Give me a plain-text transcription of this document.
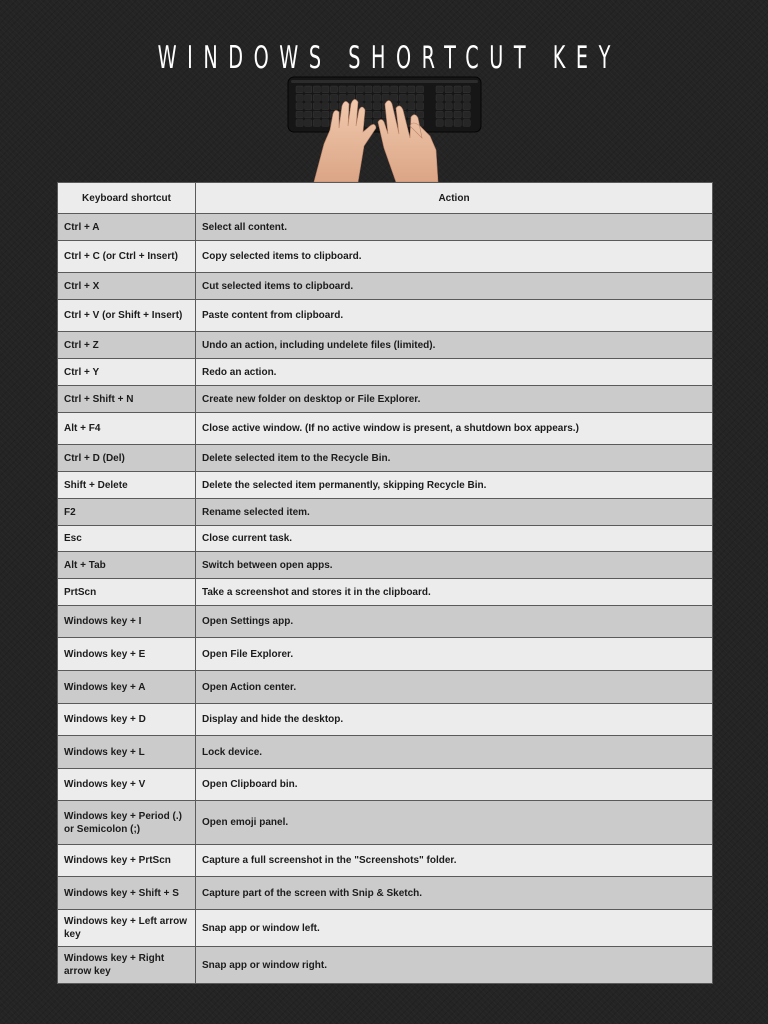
WINDOWS SHORTCUT KEY
Keyboard shortcut	Action
Ctrl + A	Select all content.
Ctrl + C (or Ctrl + Insert)	Copy selected items to clipboard.
Ctrl + X	Cut selected items to clipboard.
Ctrl + V (or Shift + Insert)	Paste content from clipboard.
Ctrl + Z	Undo an action, including undelete files (limited).
Ctrl + Y	Redo an action.
Ctrl + Shift + N	Create new folder on desktop or File Explorer.
Alt + F4	Close active window. (If no active window is present, a shutdown box appears.)
Ctrl + D (Del)	Delete selected item to the Recycle Bin.
Shift + Delete	Delete the selected item permanently, skipping Recycle Bin.
F2	Rename selected item.
Esc	Close current task.
Alt + Tab	Switch between open apps.
PrtScn	Take a screenshot and stores it in the clipboard.
Windows key + I	Open Settings app.
Windows key + E	Open File Explorer.
Windows key + A	Open Action center.
Windows key + D	Display and hide the desktop.
Windows key + L	Lock device.
Windows key + V	Open Clipboard bin.
Windows key + Period (.) or Semicolon (;)	Open emoji panel.
Windows key + PrtScn	Capture a full screenshot in the "Screenshots" folder.
Windows key + Shift + S	Capture part of the screen with Snip & Sketch.
Windows key + Left arrow key	Snap app or window left.
Windows key + Right arrow key	Snap app or window right.
